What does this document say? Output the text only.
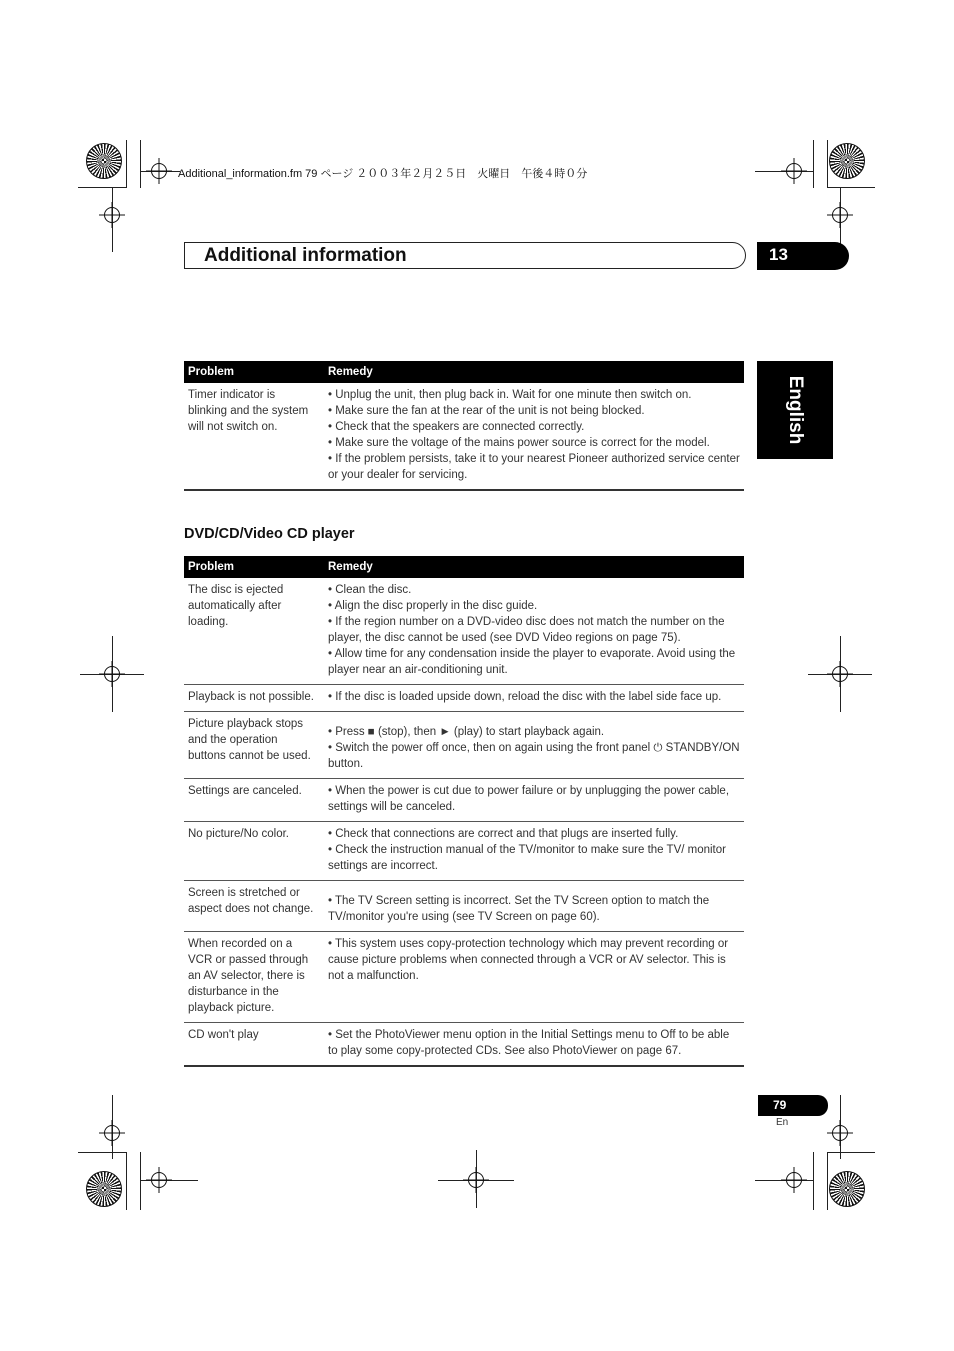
Additional_information.fm 79 ページ ２００３年２月２５日　火曜日　午後４時０分
Additional information	13
English
Problem	Remedy
Timer indicator is blinking and the system will not switch on.	• Unplug the unit, then plug back in. Wait for one minute then switch on.
• Make sure the fan at the rear of the unit is not being blocked.
• Check that the speakers are connected correctly.
• Make sure the voltage of the mains power source is correct for the model.
• If the problem persists, take it to your nearest Pioneer authorized service center or your dealer for servicing.
DVD/CD/Video CD player
Problem	Remedy
The disc is ejected automatically after loading.	• Clean the disc.
• Align the disc properly in the disc guide.
• If the region number on a DVD-video disc does not match the number on the player, the disc cannot be used (see DVD Video regions on page 75).
• Allow time for any condensation inside the player to evaporate. Avoid using the player near an air-conditioning unit.

Playback is not possible.	• If the disc is loaded upside down, reload the disc with the label side face up.

Picture playback stops and the operation buttons cannot be used.	• Press ■ (stop), then ► (play) to start playback again.
• Switch the power off once, then on again using the front panel ⏻ STANDBY/ON button.

Settings are canceled.	• When the power is cut due to power failure or by unplugging the power cable, settings will be canceled.

No picture/No color.	• Check that connections are correct and that plugs are inserted fully.
• Check the instruction manual of the TV/monitor to make sure the TV/ monitor settings are incorrect.

Screen is stretched or aspect does not change.	• The TV Screen setting is incorrect. Set the TV Screen option to match the TV/monitor you're using (see TV Screen on page 60).

When recorded on a VCR or passed through an AV selector, there is disturbance in the playback picture.	• This system uses copy-protection technology which may prevent recording or cause picture problems when connected through a VCR or AV selector. This is not a malfunction.

CD won't play	• Set the PhotoViewer menu option in the Initial Settings menu to Off to be able to play some copy-protected CDs. See also PhotoViewer on page 67.
79
En
